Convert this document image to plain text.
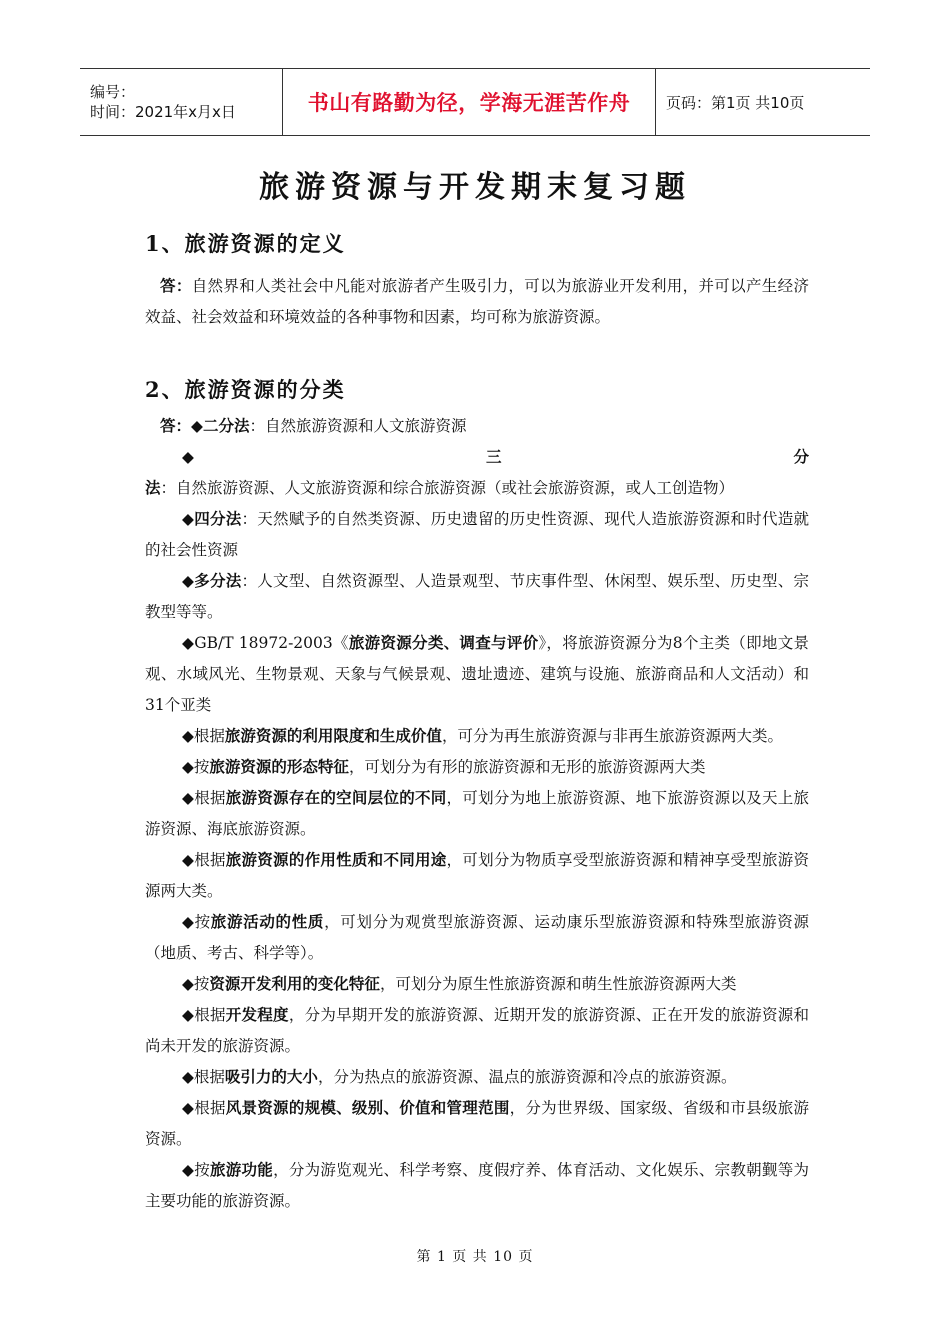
编号：
时间：2021年x月x日	书山有路勤为径，学海无涯苦作舟	页码：第1页 共10页
旅游资源与开发期末复习题
1、旅游资源的定义

答：自然界和人类社会中凡能对旅游者产生吸引力，可以为旅游业开发利用，并可以产生经济效益、社会效益和环境效益的各种事物和因素，均可称为旅游资源。

2、旅游资源的分类

答：◆二分法：自然旅游资源和人文旅游资源

◆三分法：自然旅游资源、人文旅游资源和综合旅游资源（或社会旅游资源，或人工创造物）

◆四分法：天然赋予的自然类资源、历史遗留的历史性资源、现代人造旅游资源和时代造就的社会性资源

◆多分法：人文型、自然资源型、人造景观型、节庆事件型、休闲型、娱乐型、历史型、宗教型等等。

◆GB/T 18972-2003《旅游资源分类、调查与评价》，将旅游资源分为8个主类（即地文景观、水域风光、生物景观、天象与气候景观、遗址遗迹、建筑与设施、旅游商品和人文活动）和31个亚类

◆根据旅游资源的利用限度和生成价值，可分为再生旅游资源与非再生旅游资源两大类。

◆按旅游资源的形态特征，可划分为有形的旅游资源和无形的旅游资源两大类

◆根据旅游资源存在的空间层位的不同，可划分为地上旅游资源、地下旅游资源以及天上旅游资源、海底旅游资源。

◆根据旅游资源的作用性质和不同用途，可划分为物质享受型旅游资源和精神享受型旅游资源两大类。

◆按旅游活动的性质，可划分为观赏型旅游资源、运动康乐型旅游资源和特殊型旅游资源（地质、考古、科学等）。

◆按资源开发利用的变化特征，可划分为原生性旅游资源和萌生性旅游资源两大类

◆根据开发程度，分为早期开发的旅游资源、近期开发的旅游资源、正在开发的旅游资源和尚未开发的旅游资源。

◆根据吸引力的大小，分为热点的旅游资源、温点的旅游资源和冷点的旅游资源。

◆根据风景资源的规模、级别、价值和管理范围，分为世界级、国家级、省级和市县级旅游资源。

◆按旅游功能，分为游览观光、科学考察、度假疗养、体育活动、文化娱乐、宗教朝觐等为主要功能的旅游资源。

第 1 页 共 10 页
